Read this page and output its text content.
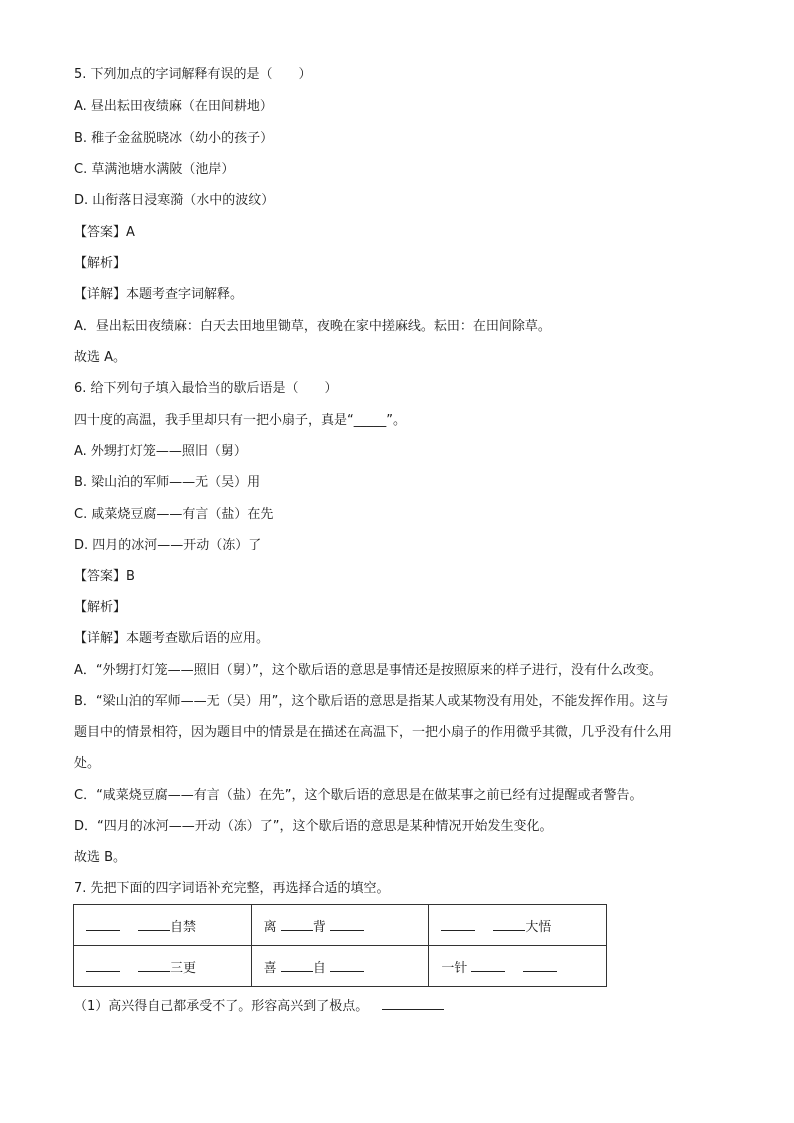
5. 下列加点的字词解释有误的是（　　）
A. 昼出耘田夜绩麻（在田间耕地）
B. 稚子金盆脱晓冰（幼小的孩子）
C. 草满池塘水满陂（池岸）
D. 山衔落日浸寒漪（水中的波纹）
【答案】A
【解析】
【详解】本题考查字词解释。
A．昼出耘田夜绩麻：白天去田地里锄草，夜晚在家中搓麻线。耘田：在田间除草。
故选 A。
6. 给下列句子填入最恰当的歇后语是（　　）
四十度的高温，我手里却只有一把小扇子，真是“_____”。
A. 外甥打灯笼——照旧（舅）
B. 梁山泊的军师——无（吴）用
C. 咸菜烧豆腐——有言（盐）在先
D. 四月的冰河——开动（冻）了
【答案】B
【解析】
【详解】本题考查歇后语的应用。
A．“外甥打灯笼——照旧（舅）”，这个歇后语的意思是事情还是按照原来的样子进行，没有什么改变。
B．“梁山泊的军师——无（吴）用”，这个歇后语的意思是指某人或某物没有用处，不能发挥作用。这与
题目中的情景相符，因为题目中的情景是在描述在高温下，一把小扇子的作用微乎其微，几乎没有什么用
处。
C．“咸菜烧豆腐——有言（盐）在先”，这个歇后语的意思是在做某事之前已经有过提醒或者警告。
D．“四月的冰河——开动（冻）了”，这个歇后语的意思是某种情况开始发生变化。
故选 B。
7. 先把下面的四字词语补充完整，再选择合适的填空。
自禁	离 背	大悟
三更	喜 自	一针
（1）高兴得自己都承受不了。形容高兴到了极点。
